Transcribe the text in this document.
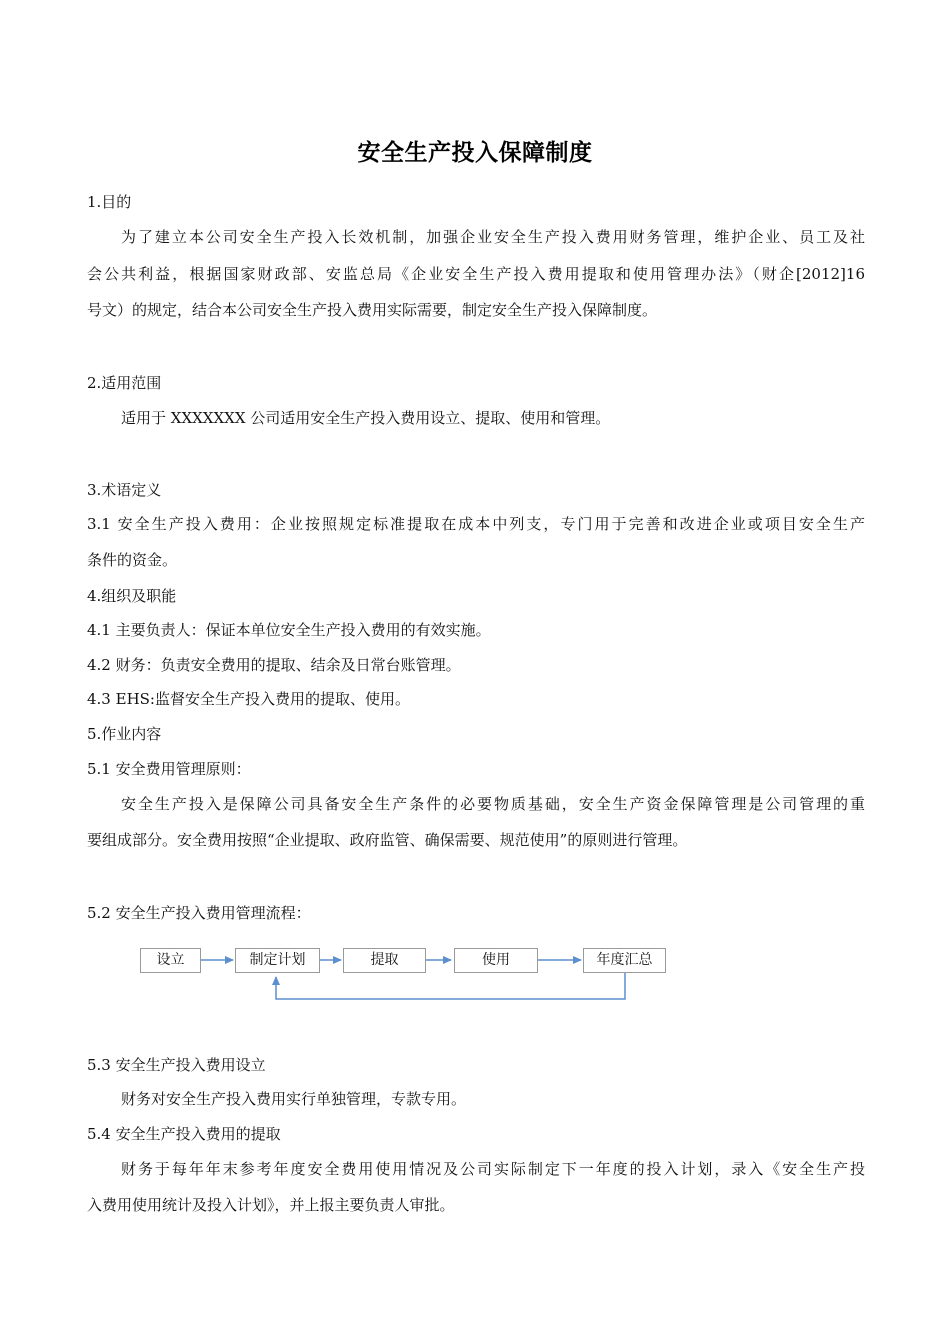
安全生产投入保障制度
1.目的
为了建立本公司安全生产投入长效机制，加强企业安全生产投入费用财务管理，维护企业、员工及社
会公共利益，根据国家财政部、安监总局《企业安全生产投入费用提取和使用管理办法》（财企[2012]16
号文）的规定，结合本公司安全生产投入费用实际需要，制定安全生产投入保障制度。
2.适用范围
适用于 XXXXXXX 公司适用安全生产投入费用设立、提取、使用和管理。
3.术语定义
3.1 安全生产投入费用：企业按照规定标准提取在成本中列支，专门用于完善和改进企业或项目安全生产
条件的资金。
4.组织及职能
4.1 主要负责人：保证本单位安全生产投入费用的有效实施。
4.2 财务：负责安全费用的提取、结余及日常台账管理。
4.3 EHS:监督安全生产投入费用的提取、使用。
5.作业内容
5.1 安全费用管理原则：
安全生产投入是保障公司具备安全生产条件的必要物质基础，安全生产资金保障管理是公司管理的重
要组成部分。安全费用按照“企业提取、政府监管、确保需要、规范使用”的原则进行管理。
5.2 安全生产投入费用管理流程：
设立	制定计划	提取	使用	年度汇总
5.3 安全生产投入费用设立
财务对安全生产投入费用实行单独管理，专款专用。
5.4 安全生产投入费用的提取
财务于每年年末参考年度安全费用使用情况及公司实际制定下一年度的投入计划，录入《安全生产投
入费用使用统计及投入计划》，并上报主要负责人审批。
